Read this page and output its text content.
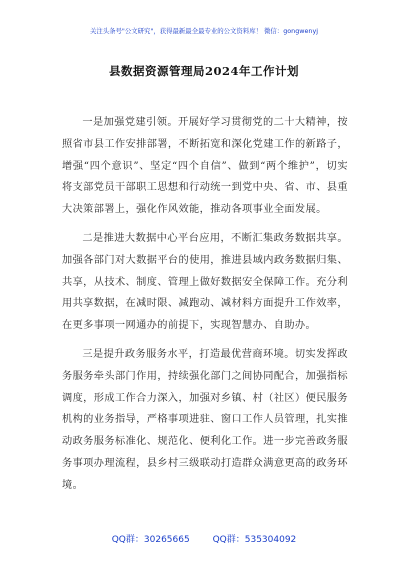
关注头条号"公文研究"，获得最新最全最专业的公文资料库！ 微信：gongwenyj
县数据资源管理局2024年工作计划

一是加强党建引领。开展好学习贯彻党的二十大精神，按照省市县工作安排部署，不断拓宽和深化党建工作的新路子，增强“四个意识”、坚定“四个自信”、做到“两个维护”，切实将支部党员干部职工思想和行动统一到党中央、省、市、县重大决策部署上，强化作风效能，推动各项事业全面发展。

二是推进大数据中心平台应用，不断汇集政务数据共享。加强各部门对大数据平台的使用，推进县域内政务数据归集、共享，从技术、制度、管理上做好数据安全保障工作。充分利用共享数据，在减时限、减跑动、减材料方面提升工作效率，在更多事项一网通办的前提下，实现智慧办、自助办。

三是提升政务服务水平，打造最优营商环境。切实发挥政务服务牵头部门作用，持续强化部门之间协同配合，加强指标调度，形成工作合力深入，加强对乡镇、村（社区）便民服务机构的业务指导，严格事项进驻、窗口工作人员管理，扎实推动政务服务标准化、规范化、便利化工作。进一步完善政务服务事项办理流程，县乡村三级联动打造群众满意更高的政务环境。

QQ群：30265665	QQ群：535304092
